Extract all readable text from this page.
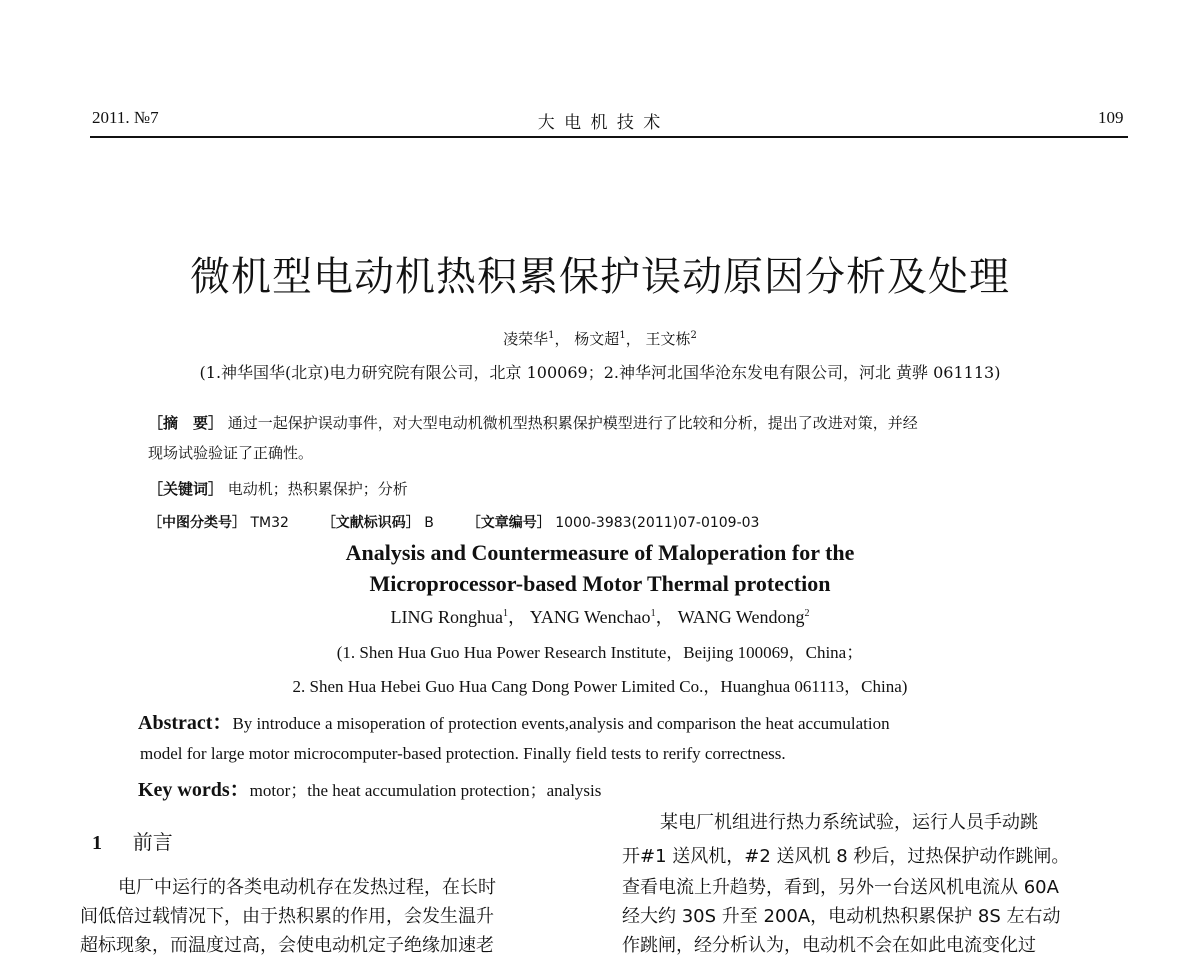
2011. №7	大 电 机 技 术	109
微机型电动机热积累保护误动原因分析及处理
凌荣华$^1$， 杨文超$^1$， 王文栋$^2$
(1.神华国华(北京)电力研究院有限公司，北京 100069；2.神华河北国华沧东发电有限公司，河北 黄骅 061113)
［摘　要］ 通过一起保护误动事件，对大型电动机微机型热积累保护模型进行了比较和分析，提出了改进对策，并经
现场试验验证了正确性。
［关键词］ 电动机；热积累保护；分析
［中图分类号］ TM32 ［文献标识码］ B ［文章编号］ 1000-3983(2011)07-0109-03
Analysis and Countermeasure of Maloperation for the
Microprocessor-based Motor Thermal protection
LING Ronghua$^1$， YANG Wenchao$^1$， WANG Wendong$^2$
(1. Shen Hua Guo Hua Power Research Institute，Beijing 100069，China；
2. Shen Hua Hebei Guo Hua Cang Dong Power Limited Co.，Huanghua 061113，China)
Abstract：By introduce a misoperation of protection events,analysis and comparison the heat accumulation
model for large motor microcomputer-based protection. Finally field tests to rerify correctness.
Key words：motor；the heat accumulation protection；analysis
1 前言
电厂中运行的各类电动机存在发热过程，在长时
间低倍过载情况下，由于热积累的作用，会发生温升
超标现象，而温度过高，会使电动机定子绝缘加速老
某电厂机组进行热力系统试验，运行人员手动跳
开#1 送风机，#2 送风机 8 秒后，过热保护动作跳闸。
查看电流上升趋势，看到，另外一台送风机电流从 60A
经大约 30S 升至 200A，电动机热积累保护 8S 左右动
作跳闸，经分析认为，电动机不会在如此电流变化过
